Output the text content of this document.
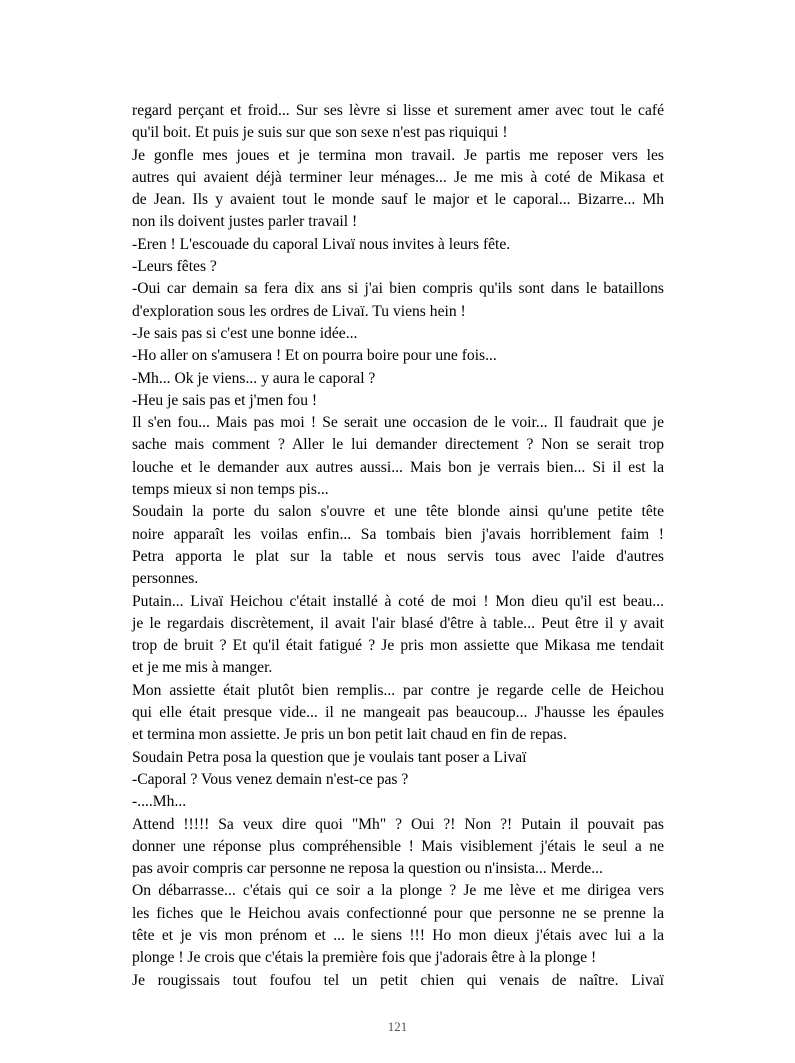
regard perçant et froid... Sur ses lèvre si lisse et surement amer avec tout le café
qu'il boit. Et puis je suis sur que son sexe n'est pas riquiqui !
Je gonfle mes joues et je termina mon travail. Je partis me reposer vers les
autres qui avaient déjà terminer leur ménages... Je me mis à coté de Mikasa et
de Jean. Ils y avaient tout le monde sauf le major et le caporal... Bizarre... Mh
non ils doivent justes parler travail !
-Eren ! L'escouade du caporal Livaï nous invites à leurs fête.
-Leurs fêtes ?
-Oui car demain sa fera dix ans si j'ai bien compris qu'ils sont dans le bataillons
d'exploration sous les ordres de Livaï. Tu viens hein !
-Je sais pas si c'est une bonne idée...
-Ho aller on s'amusera ! Et on pourra boire pour une fois...
-Mh... Ok je viens... y aura le caporal ?
-Heu je sais pas et j'men fou !
Il s'en fou... Mais pas moi ! Se serait une occasion de le voir... Il faudrait que je
sache mais comment ? Aller le lui demander directement ? Non se serait trop
louche et le demander aux autres aussi... Mais bon je verrais bien... Si il est la
temps mieux si non temps pis...
Soudain la porte du salon s'ouvre et une tête blonde ainsi qu'une petite tête
noire apparaît les voilas enfin... Sa tombais bien j'avais horriblement faim !
Petra apporta le plat sur la table et nous servis tous avec l'aide d'autres
personnes.
Putain... Livaï Heichou c'était installé à coté de moi ! Mon dieu qu'il est beau...
je le regardais discrètement, il avait l'air blasé d'être à table... Peut être il y avait
trop de bruit ? Et qu'il était fatigué ? Je pris mon assiette que Mikasa me tendait
et je me mis à manger.
Mon assiette était plutôt bien remplis... par contre je regarde celle de Heichou
qui elle était presque vide... il ne mangeait pas beaucoup... J'hausse les épaules
et termina mon assiette. Je pris un bon petit lait chaud en fin de repas.
Soudain Petra posa la question que je voulais tant poser a Livaï
-Caporal ? Vous venez demain n'est-ce pas ?
-....Mh...
Attend !!!!! Sa veux dire quoi "Mh" ? Oui ?! Non ?! Putain il pouvait pas
donner une réponse plus compréhensible ! Mais visiblement j'étais le seul a ne
pas avoir compris car personne ne reposa la question ou n'insista... Merde...
On débarrasse... c'étais qui ce soir a la plonge ? Je me lève et me dirigea vers
les fiches que le Heichou avais confectionné pour que personne ne se prenne la
tête et je vis mon prénom et ... le siens !!! Ho mon dieux j'étais avec lui a la
plonge ! Je crois que c'étais la première fois que j'adorais être à la plonge !
Je rougissais tout foufou tel un petit chien qui venais de naître. Livaï
121
